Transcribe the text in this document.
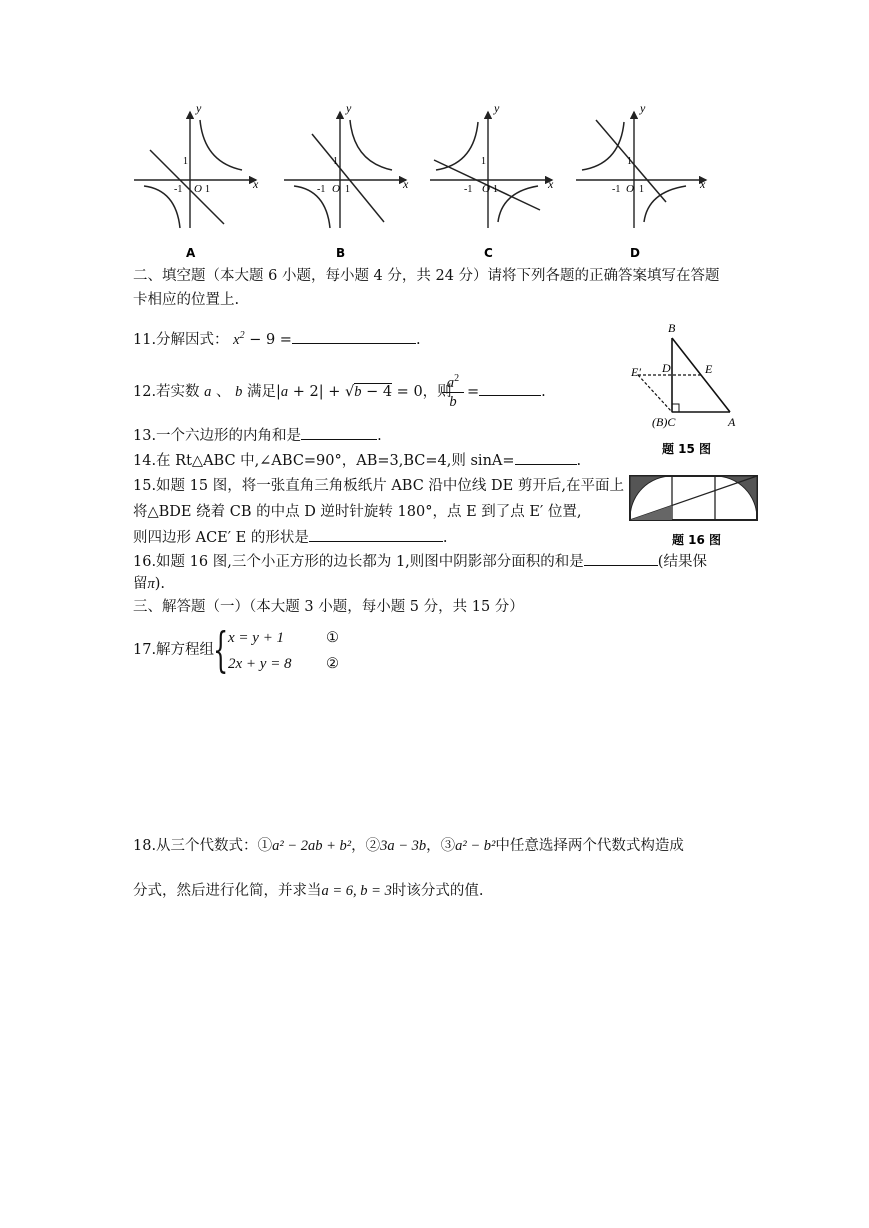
y
x
O
1
1
-1
A
y
x
O
1
1
-1
B
y
x
O
1
1
-1
C
y
x
O
1
1
-1
D
二、填空题（本大题 6 小题，每小题 4 分，共 24 分）请将下列各题的正确答案填写在答题
卡相应的位置上.
11.分解因式： $x^2 - 9$ =	.
12.若实数 a 、 b 满足|a + 2| + √b − 4 = 0，则
$a^2$
b
=	.
13.一个六边形的内角和是	.
14.在 Rt△ABC 中,∠ABC=90°，AB=3,BC=4,则 sinA=	.
15.如题 15 图，将一张直角三角板纸片 ABC 沿中位线 DE 剪开后,在平面上
将△BDE 绕着 CB 的中点 D 逆时针旋转 180°，点 E 到了点 E′ 位置,
则四边形 ACE′ E 的形状是	.
16.如题 16 图,三个小正方形的边长都为 1,则图中阴影部分面积的和是	(结果保
留π).
B
D	E
E′
(B)C	A
题 15 图
题 16 图
三、解答题（一）（本大题 3 小题，每小题 5 分，共 15 分）
17.解方程组
{ x = y + 1
2x + y = 8
①
②
18.从三个代数式：①a² − 2ab + b²，②3a − 3b，③a² − b²中任意选择两个代数式构造成
分式，然后进行化简，并求当a = 6, b = 3时该分式的值.
